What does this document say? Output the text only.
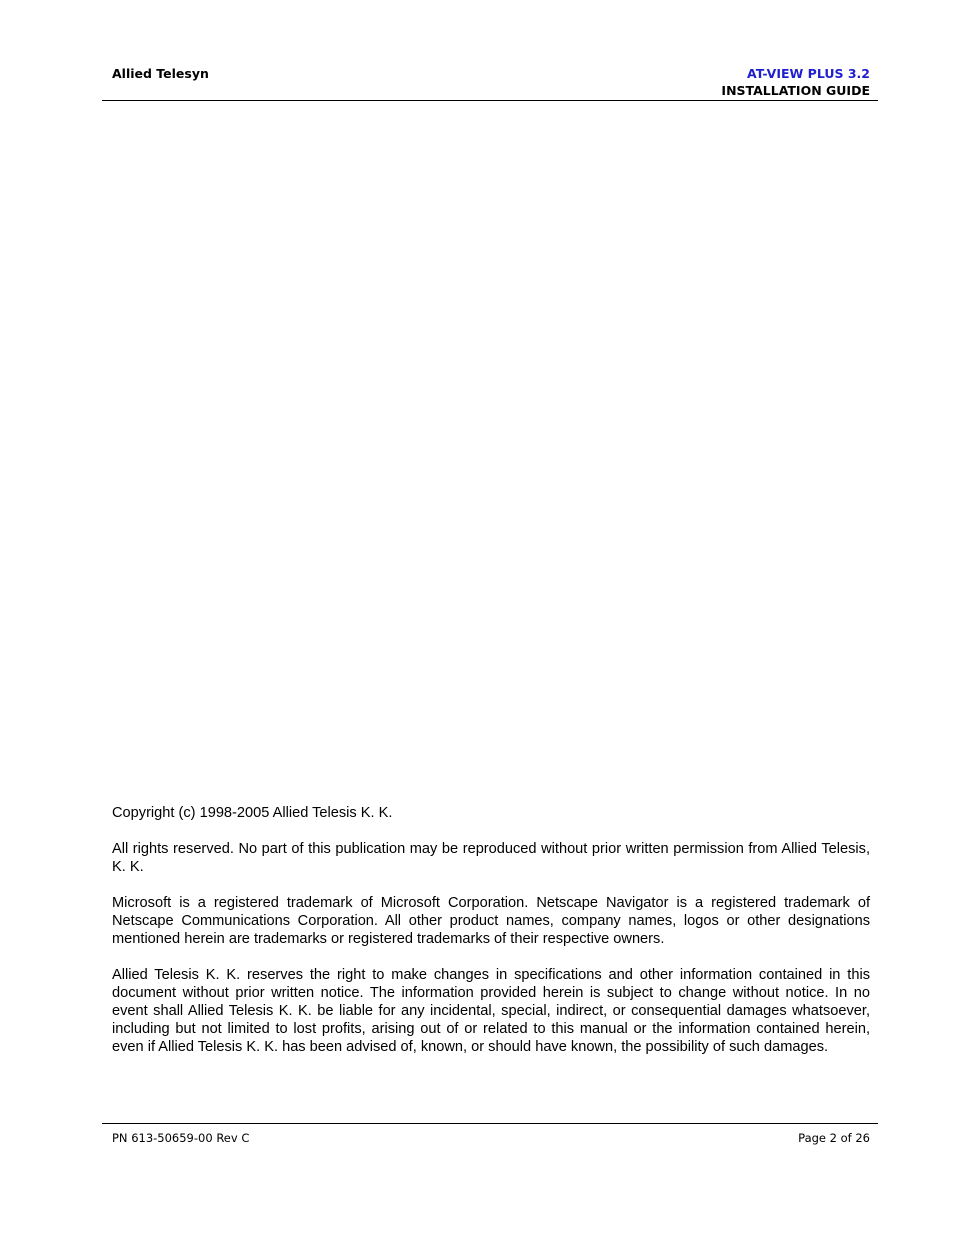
Allied Telesyn	AT-VIEW PLUS 3.2
INSTALLATION GUIDE

Copyright (c) 1998-2005 Allied Telesis K. K.

All rights reserved. No part of this publication may be reproduced without prior written permission from Allied Telesis, K. K.

Microsoft is a registered trademark of Microsoft Corporation. Netscape Navigator is a registered trademark of Netscape Communications Corporation. All other product names, company names, logos or other designations mentioned herein are trademarks or registered trademarks of their respective owners.

Allied Telesis K. K. reserves the right to make changes in specifications and other information contained in this document without prior written notice. The information provided herein is subject to change without notice. In no event shall Allied Telesis K. K. be liable for any incidental, special, indirect, or consequential damages whatsoever, including but not limited to lost profits, arising out of or related to this manual or the information contained herein, even if Allied Telesis K. K. has been advised of, known, or should have known, the possibility of such damages.

PN 613-50659-00 Rev C	Page 2 of 26
